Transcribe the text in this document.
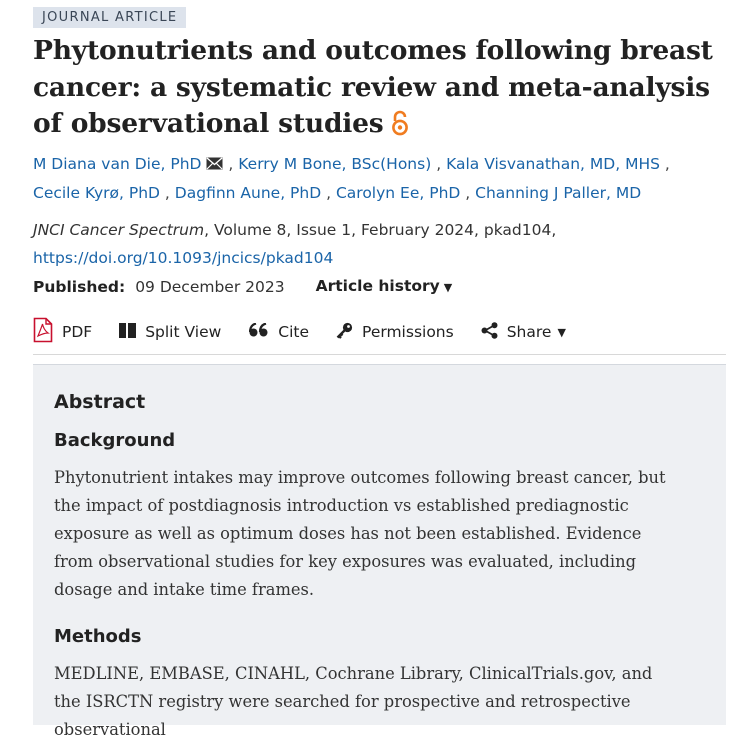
JOURNAL ARTICLE
Phytonutrients and outcomes following breast cancer: a systematic review and meta-analysis of observational studies
M Diana van Die, PhD , Kerry M Bone, BSc(Hons) , Kala Visvanathan, MD, MHS ,
Cecile Kyrø, PhD , Dagfinn Aune, PhD , Carolyn Ee, PhD , Channing J Paller, MD
JNCI Cancer Spectrum, Volume 8, Issue 1, February 2024, pkad104,
https://doi.org/10.1093/jncics/pkad104
Published: 09 December 2023 Article history ▼
PDF	Split View	Cite	Permissions	Share ▼
Abstract
Background

Phytonutrient intakes may improve outcomes following breast cancer, but the impact of postdiagnosis introduction vs established prediagnostic exposure as well as optimum doses has not been established. Evidence from observational studies for key exposures was evaluated, including dosage and intake time frames.

Methods

MEDLINE, EMBASE, CINAHL, Cochrane Library, ClinicalTrials.gov, and the ISRCTN registry were searched for prospective and retrospective observational
